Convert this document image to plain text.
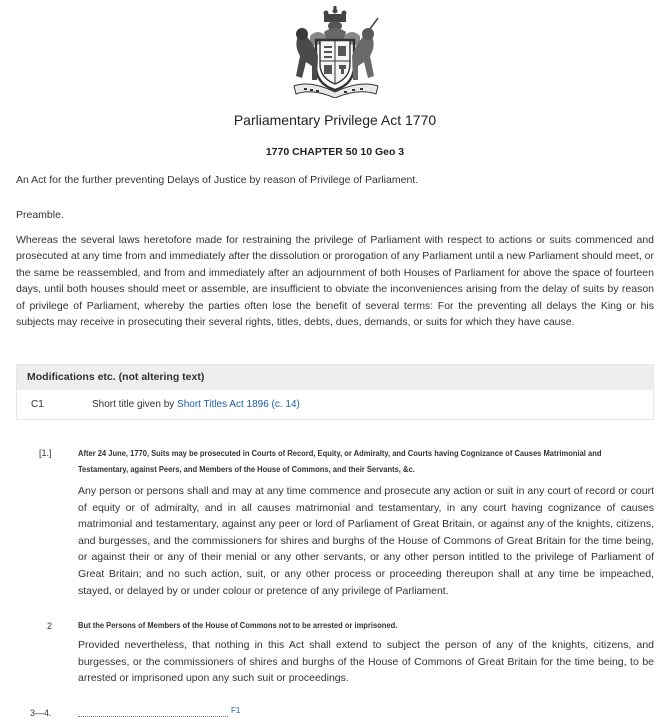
Parliamentary Privilege Act 1770
1770 CHAPTER 50 10 Geo 3
An Act for the further preventing Delays of Justice by reason of Privilege of Parliament.
Preamble.
Whereas the several laws heretofore made for restraining the privilege of Parliament with respect to actions or suits commenced and prosecuted at any time from and immediately after the dissolution or prorogation of any Parliament until a new Parliament should meet, or the same be reassembled, and from and immediately after an adjournment of both Houses of Parliament for above the space of fourteen days, until both houses should meet or assemble, are insufficient to obviate the inconveniences arising from the delay of suits by reason of privilege of Parliament, whereby the parties often lose the benefit of several terms: For the preventing all delays the King or his subjects may receive in prosecuting their several rights, titles, debts, dues, demands, or suits for which they have cause.
Modifications etc. (not altering text)
C1	Short title given by Short Titles Act 1896 (c. 14)
[1.]	After 24 June, 1770, Suits may be prosecuted in Courts of Record, Equity, or Admiralty, and Courts having Cognizance of Causes Matrimonial and Testamentary, against Peers, and Members of the House of Commons, and their Servants, &c.
Any person or persons shall and may at any time commence and prosecute any action or suit in any court of record or court of equity or of admiralty, and in all causes matrimonial and testamentary, in any court having cognizance of causes matrimonial and testamentary, against any peer or lord of Parliament of Great Britain, or against any of the knights, citizens, and burgesses, and the commissioners for shires and burghs of the House of Commons of Great Britain for the time being, or against their or any of their menial or any other servants, or any other person intitled to the privilege of Parliament of Great Britain; and no such action, suit, or any other process or proceeding thereupon shall at any time be impeached, stayed, or delayed by or under colour or pretence of any privilege of Parliament.
2	But the Persons of Members of the House of Commons not to be arrested or imprisoned.
Provided nevertheless, that nothing in this Act shall extend to subject the person of any of the knights, citizens, and burgesses, or the commissioners of shires and burghs of the House of Commons of Great Britain for the time being, to be arrested or imprisoned upon any such suit or proceedings.
3—4.	F1
